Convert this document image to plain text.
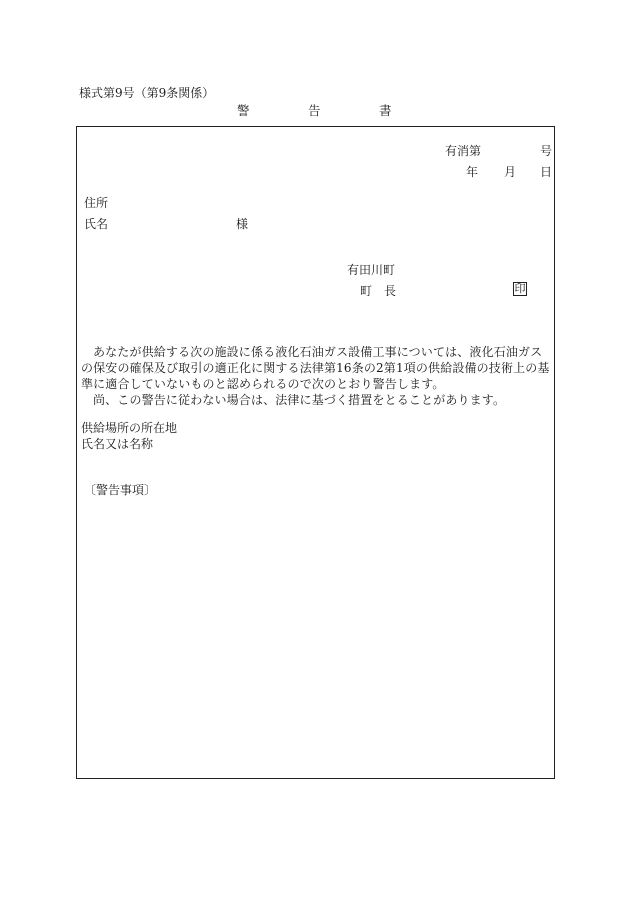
様式第9号（第9条関係）
警	告	書
有消第	号
年 月 日
住所
氏名	様
有田川町
町　長	印

あなたが供給する次の施設に係る液化石油ガス設備工事については、液化石油ガスの保安の確保及び取引の適正化に関する法律第16条の2第1項の供給設備の技術上の基準に適合していないものと認められるので次のとおり警告します。

尚、この警告に従わない場合は、法律に基づく措置をとることがあります。

供給場所の所在地
氏名又は名称
〔警告事項〕
